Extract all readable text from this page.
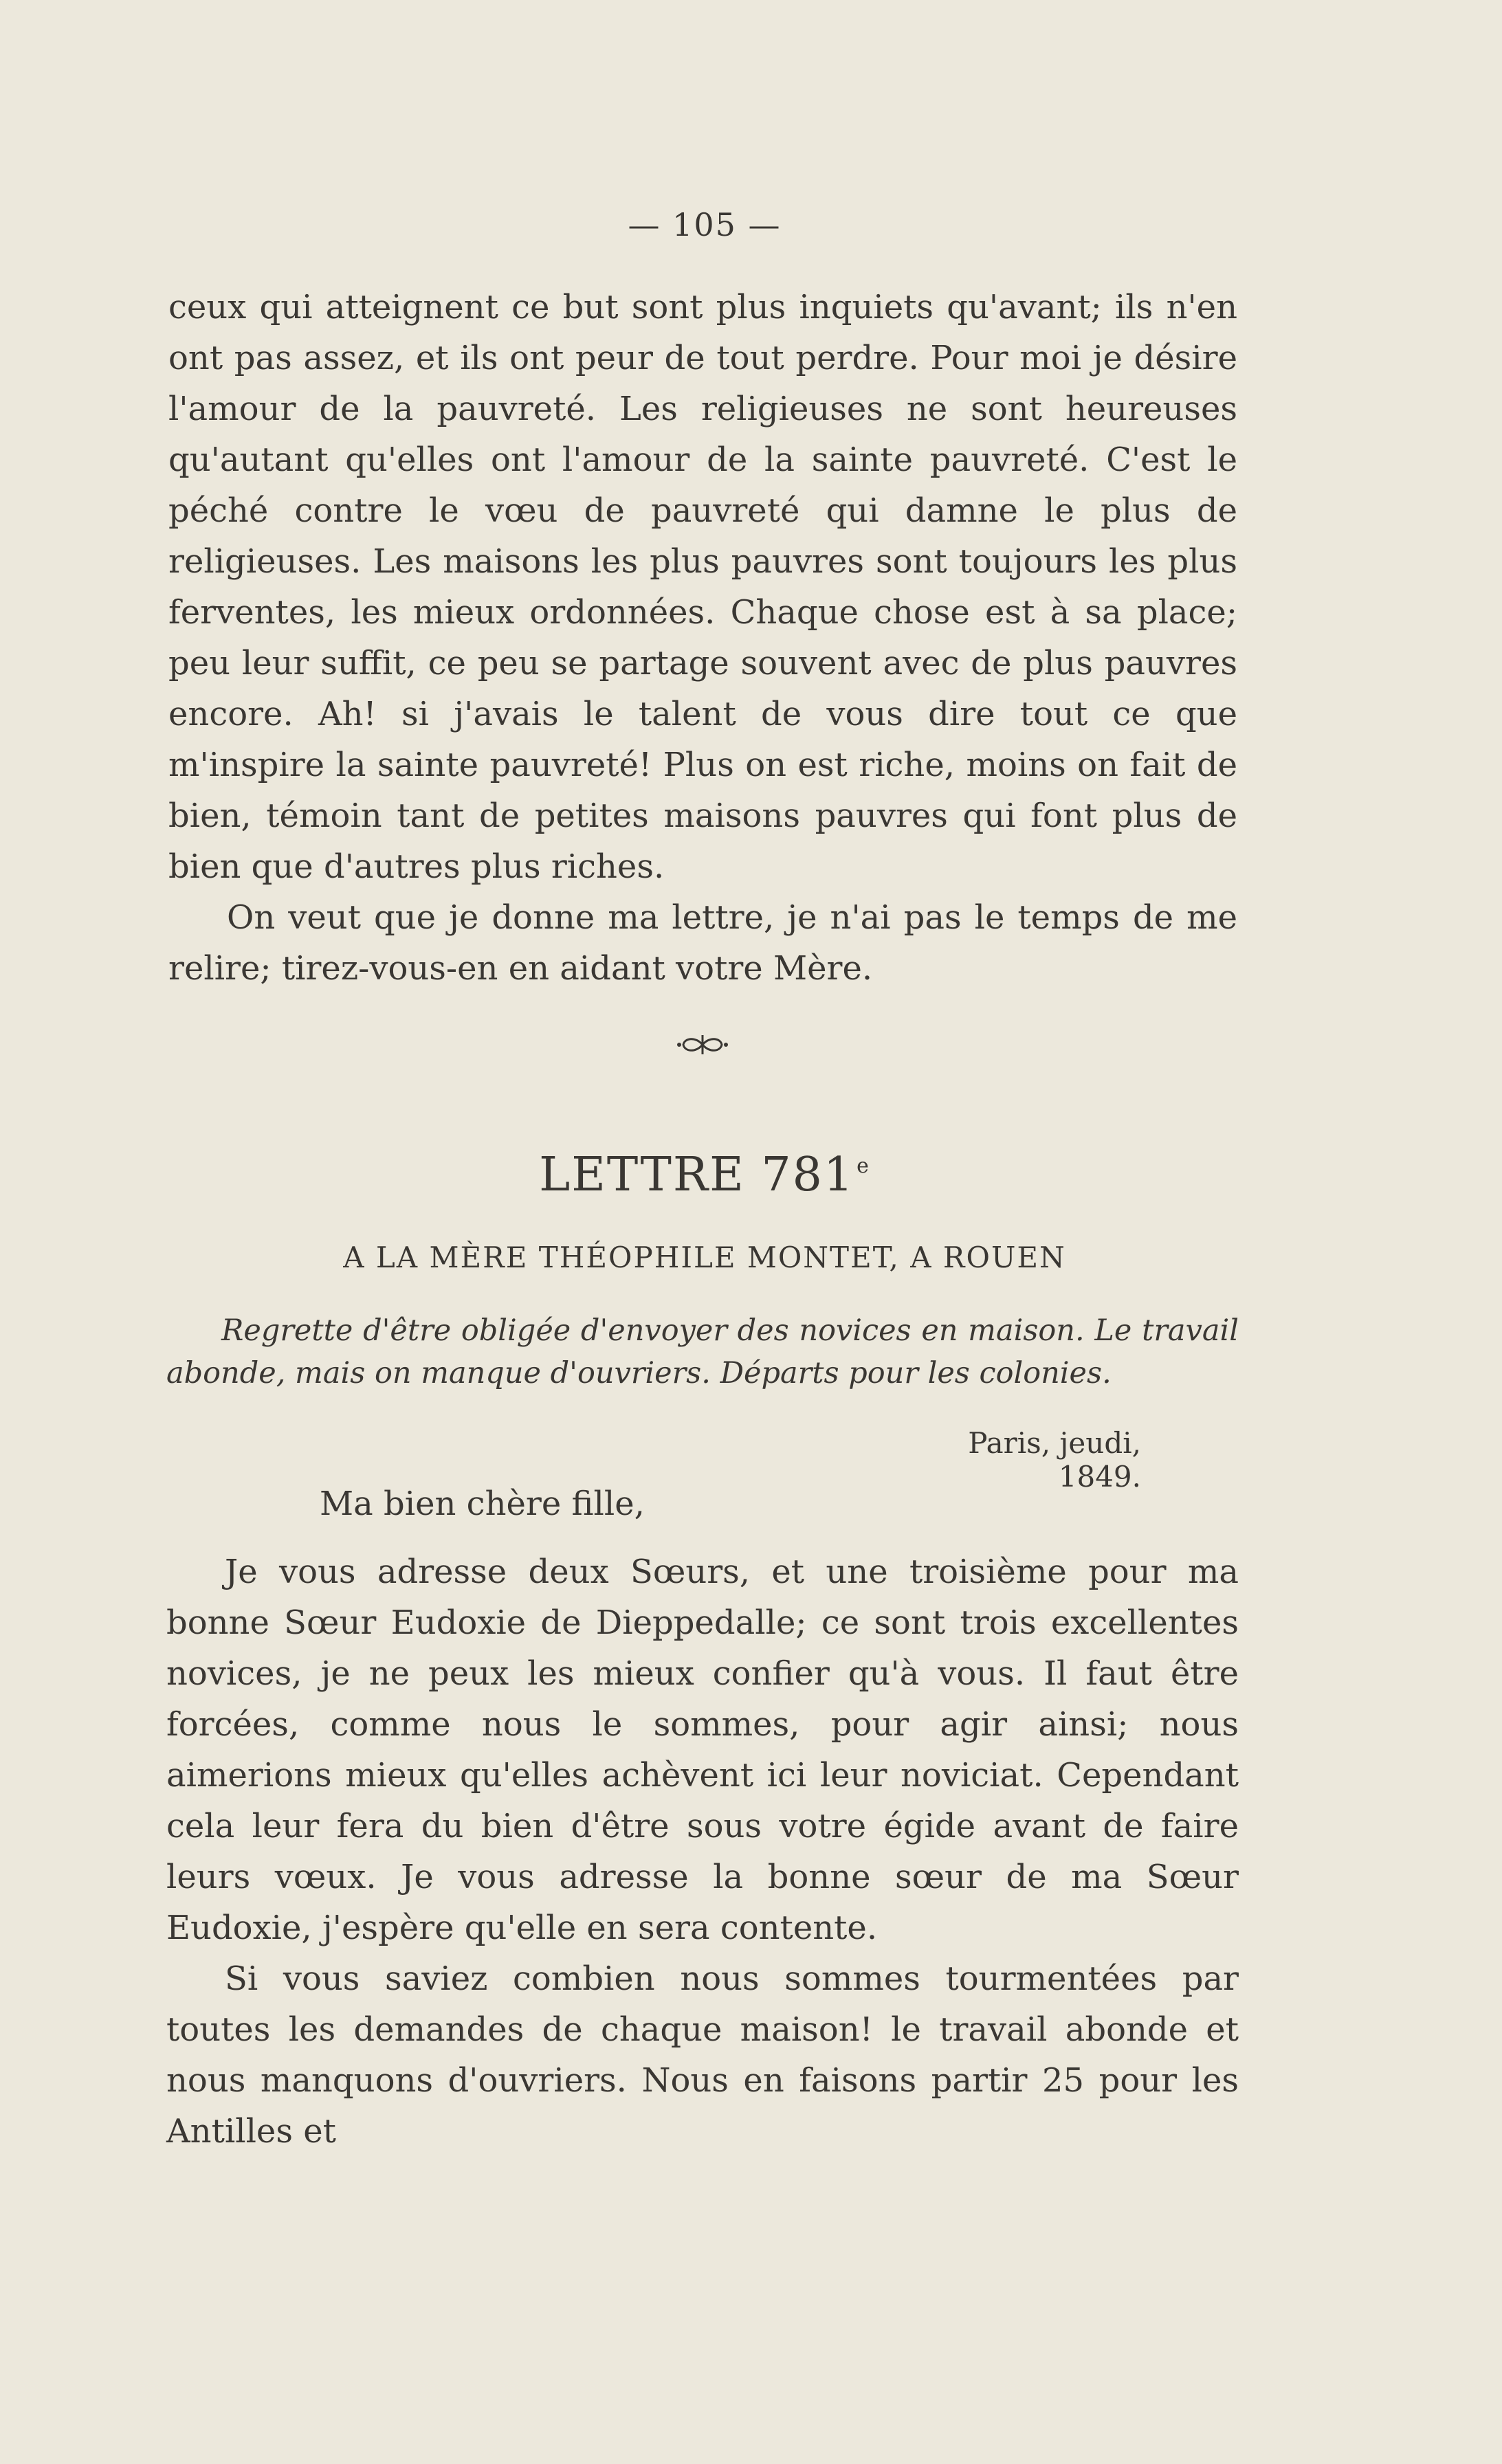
— 105 —

ceux qui atteignent ce but sont plus inquiets qu'avant; ils n'en ont pas assez, et ils ont peur de tout perdre. Pour moi je désire l'amour de la pauvreté. Les religieuses ne sont heureuses qu'autant qu'elles ont l'amour de la sainte pauvreté. C'est le péché contre le vœu de pauvreté qui damne le plus de religieuses. Les maisons les plus pauvres sont toujours les plus ferventes, les mieux ordonnées. Chaque chose est à sa place; peu leur suffit, ce peu se partage souvent avec de plus pauvres encore. Ah! si j'avais le talent de vous dire tout ce que m'inspire la sainte pauvreté! Plus on est riche, moins on fait de bien, témoin tant de petites maisons pauvres qui font plus de bien que d'autres plus riches.

On veut que je donne ma lettre, je n'ai pas le temps de me relire; tirez-vous-en en aidant votre Mère.

LETTRE 781 $^e$
A LA MÈRE THÉOPHILE MONTET, A ROUEN

Regrette d'être obligée d'envoyer des novices en maison. Le travail abonde, mais on manque d'ouvriers. Départs pour les colonies.

Paris, jeudi, 1849.
Ma bien chère fille,

Je vous adresse deux Sœurs, et une troisième pour ma bonne Sœur Eudoxie de Dieppedalle; ce sont trois excellentes novices, je ne peux les mieux confier qu'à vous. Il faut être forcées, comme nous le sommes, pour agir ainsi; nous aimerions mieux qu'elles achèvent ici leur noviciat. Cependant cela leur fera du bien d'être sous votre égide avant de faire leurs vœux. Je vous adresse la bonne sœur de ma Sœur Eudoxie, j'espère qu'elle en sera contente.

Si vous saviez combien nous sommes tourmentées par toutes les demandes de chaque maison! le travail abonde et nous manquons d'ouvriers. Nous en faisons partir 25 pour les Antilles et
